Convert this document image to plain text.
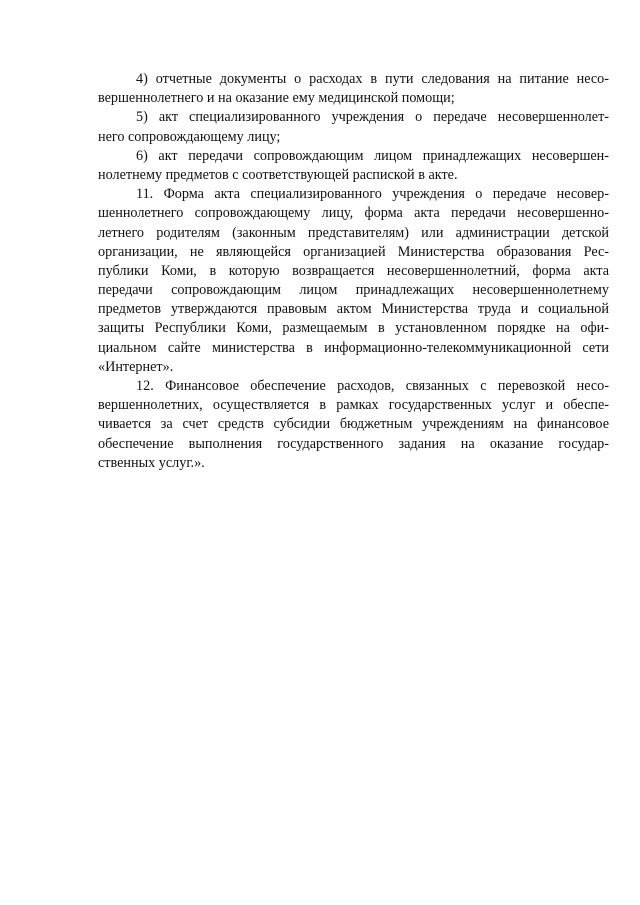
4) отчетные документы о расходах в пути следования на питание несо-
вершеннолетнего и на оказание ему медицинской помощи;
5) акт специализированного учреждения о передаче несовершеннолет-
него сопровождающему лицу;
6) акт передачи сопровождающим лицом принадлежащих несовершен-
нолетнему предметов с соответствующей распиской в акте.
11. Форма акта специализированного учреждения о передаче несовер-
шеннолетнего сопровождающему лицу, форма акта передачи несовершенно-
летнего родителям (законным представителям) или администрации детской
организации, не являющейся организацией Министерства образования Рес-
публики Коми, в которую возвращается несовершеннолетний, форма акта
передачи сопровождающим лицом принадлежащих несовершеннолетнему
предметов утверждаются правовым актом Министерства труда и социальной
защиты Республики Коми, размещаемым в установленном порядке на офи-
циальном сайте министерства в информационно-телекоммуникационной сети
«Интернет».
12. Финансовое обеспечение расходов, связанных с перевозкой несо-
вершеннолетних, осуществляется в рамках государственных услуг и обеспе-
чивается за счет средств субсидии бюджетным учреждениям на финансовое
обеспечение выполнения государственного задания на оказание государ-
ственных услуг.».
